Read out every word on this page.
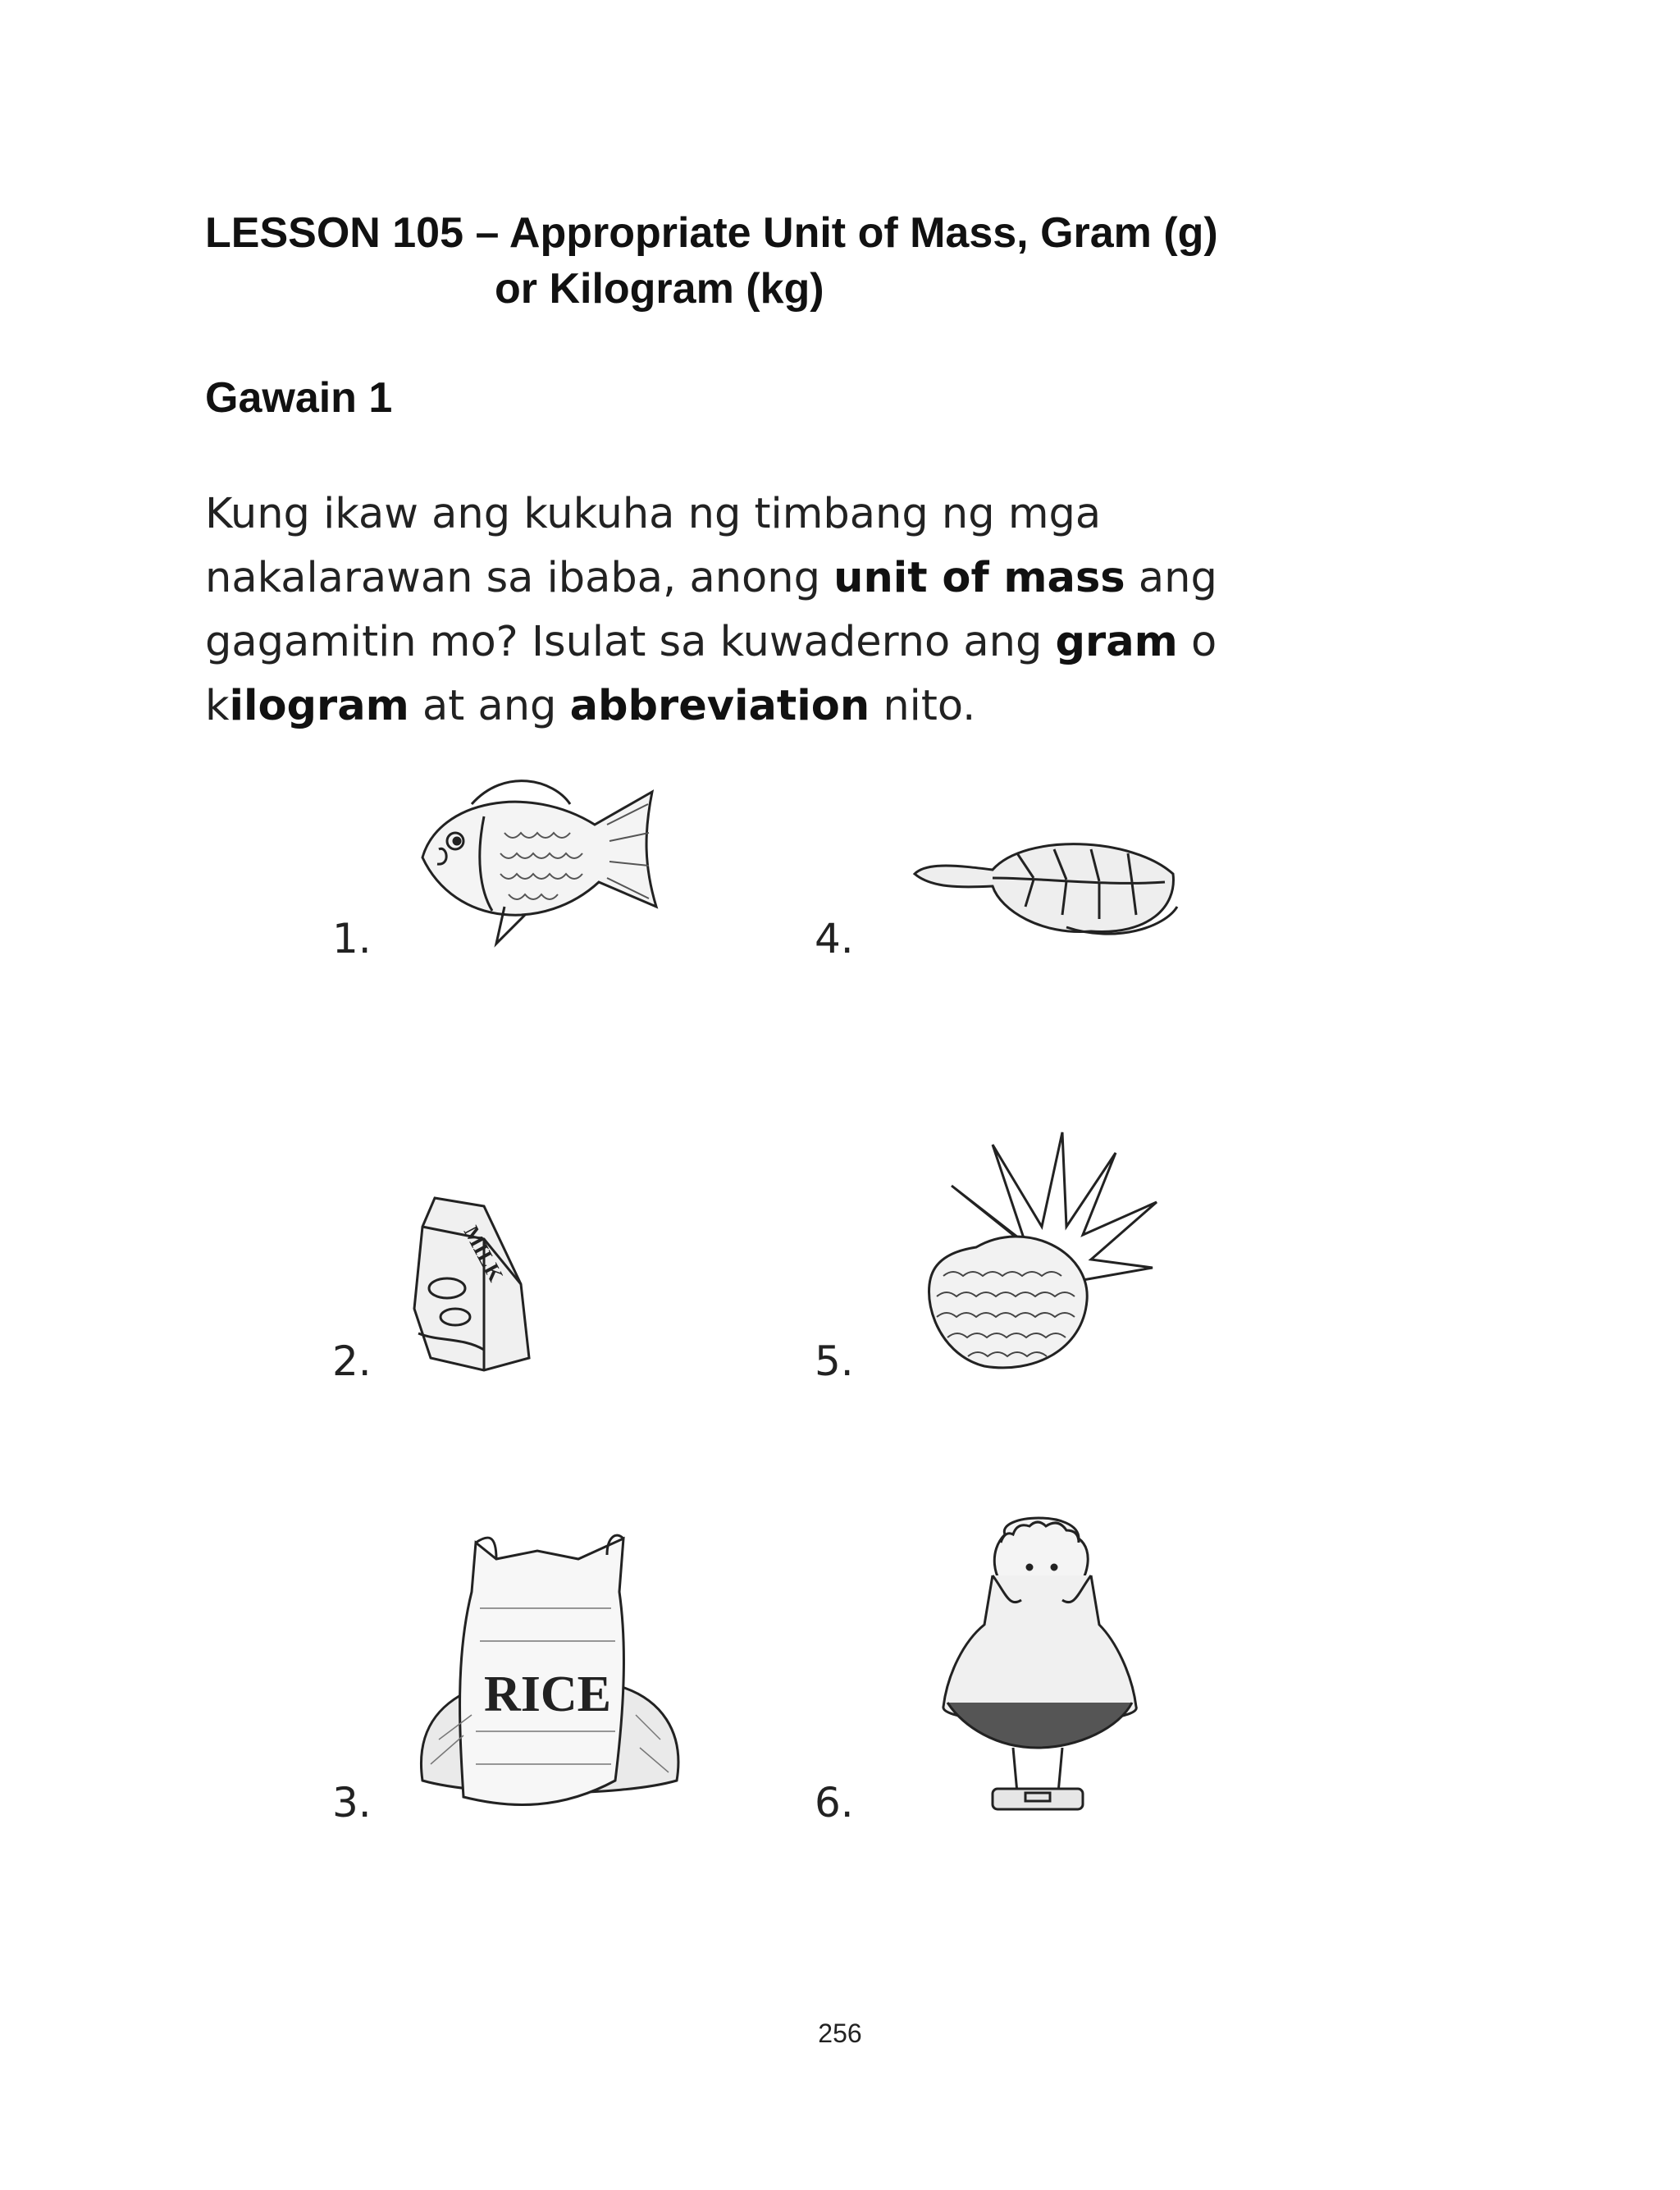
LESSON 105 – Appropriate Unit of Mass, Gram (g)
or Kilogram (kg)
Gawain 1
Kung ikaw ang kukuha ng timbang ng mga nakalarawan sa ibaba, anong unit of mass ang gagamitin mo? Isulat sa kuwaderno ang gram o kilogram at ang abbreviation nito.
1.	4.
2.
MILK
5.
3.
RICE
6.
256
